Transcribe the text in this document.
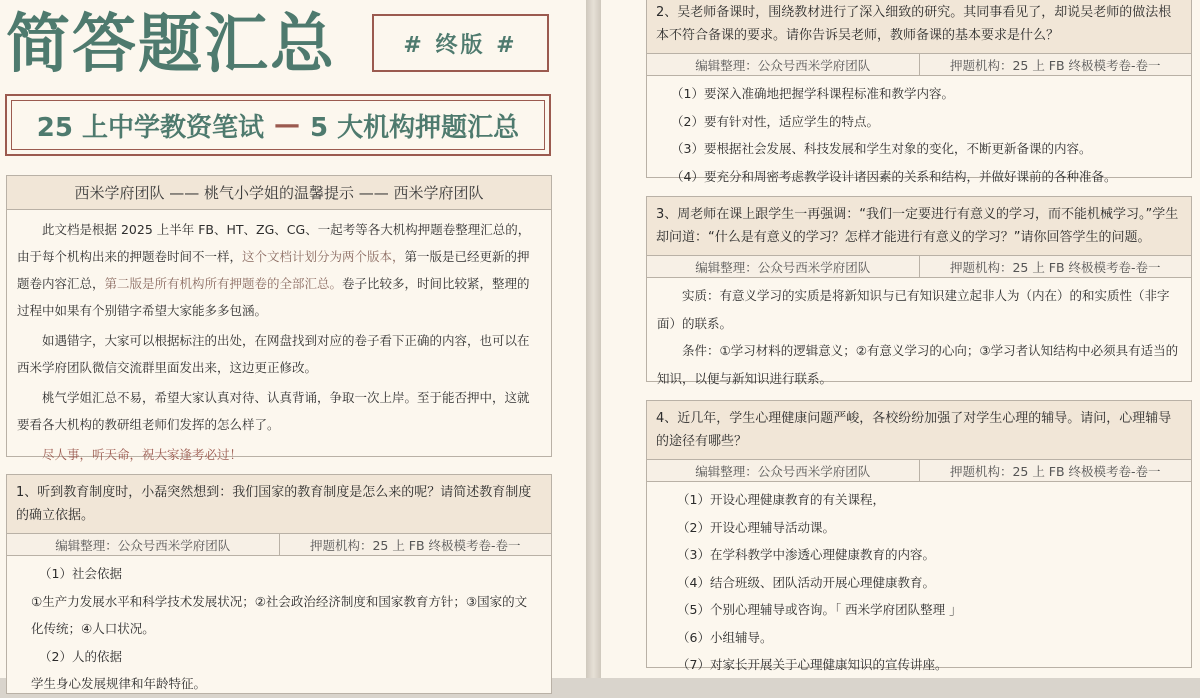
简答题汇总	# 终版 #
25 上中学教资笔试 — 5 大机构押题汇总
西米学府团队 —— 桃气小学姐的温馨提示 —— 西米学府团队

此文档是根据 2025 上半年 FB、HT、ZG、CG、一起考等各大机构押题卷整理汇总的，由于每个机构出来的押题卷时间不一样，这个文档计划分为两个版本，第一版是已经更新的押题卷内容汇总，第二版是所有机构所有押题卷的全部汇总。卷子比较多，时间比较紧，整理的过程中如果有个别错字希望大家能多多包涵。

如遇错字，大家可以根据标注的出处，在网盘找到对应的卷子看下正确的内容，也可以在西米学府团队微信交流群里面发出来，这边更正修改。

桃气学姐汇总不易，希望大家认真对待、认真背诵，争取一次上岸。至于能否押中，这就要看各大机构的教研组老师们发挥的怎么样了。

尽人事，听天命，祝大家逢考必过！
1、听到教育制度时，小磊突然想到：我们国家的教育制度是怎么来的呢？请简述教育制度的确立依据。
编辑整理：公众号西米学府团队	押题机构：25 上 FB 终极模考卷-卷一
（1）社会依据
①生产力发展水平和科学技术发展状况；②社会政治经济制度和国家教育方针；③国家的文化传统；④人口状况。
（2）人的依据
学生身心发展规律和年龄特征。
2、吴老师备课时，围绕教材进行了深入细致的研究。其同事看见了，却说吴老师的做法根本不符合备课的要求。请你告诉吴老师，教师备课的基本要求是什么？
编辑整理：公众号西米学府团队	押题机构：25 上 FB 终极模考卷-卷一
（1）要深入准确地把握学科课程标准和教学内容。
（2）要有针对性，适应学生的特点。
（3）要根据社会发展、科技发展和学生对象的变化，不断更新备课的内容。
（4）要充分和周密考虑教学设计诸因素的关系和结构，并做好课前的各种准备。
3、周老师在课上跟学生一再强调：“我们一定要进行有意义的学习，而不能机械学习。”学生却问道：“什么是有意义的学习？怎样才能进行有意义的学习？”请你回答学生的问题。
编辑整理：公众号西米学府团队	押题机构：25 上 FB 终极模考卷-卷一
实质：有意义学习的实质是将新知识与已有知识建立起非人为（内在）的和实质性（非字面）的联系。
条件：①学习材料的逻辑意义；②有意义学习的心向；③学习者认知结构中必须具有适当的知识，以便与新知识进行联系。
4、近几年，学生心理健康问题严峻，各校纷纷加强了对学生心理的辅导。请问，心理辅导的途径有哪些？
编辑整理：公众号西米学府团队	押题机构：25 上 FB 终极模考卷-卷一
（1）开设心理健康教育的有关课程，
（2）开设心理辅导活动课。
（3）在学科教学中渗透心理健康教育的内容。
（4）结合班级、团队活动开展心理健康教育。
（5）个别心理辅导或咨询。「 西米学府团队整理 」
（6）小组辅导。
（7）对家长开展关于心理健康知识的宣传讲座。
